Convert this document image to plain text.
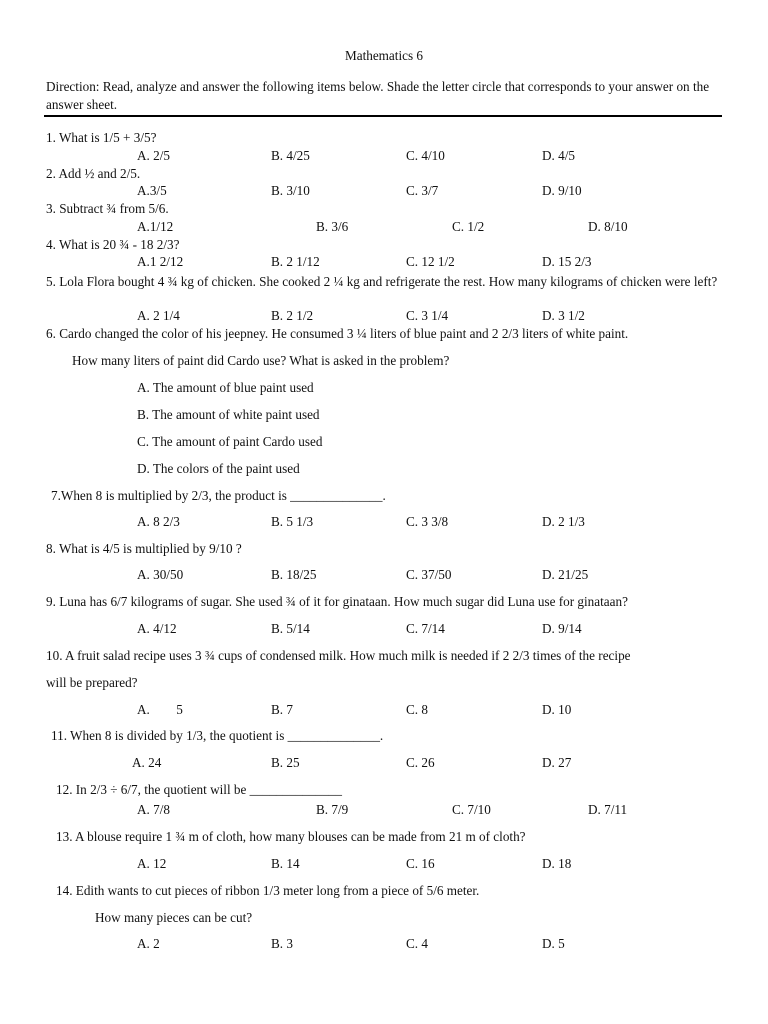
Mathematics 6
Direction: Read, analyze and answer the following items below. Shade the letter circle that corresponds to your answer on the answer sheet.
1. What is 1/5 + 3/5?
A. 2/5	B. 4/25	C. 4/10	D. 4/5
2. Add ½ and 2/5.
A.3/5	B. 3/10	C. 3/7	D. 9/10
3. Subtract ¾ from 5/6.
A.1/12	B. 3/6	C. 1/2	D. 8/10
4. What is 20 ¾ - 18 2/3?
A.1 2/12	B. 2 1/12	C. 12 1/2	D. 15 2/3
5. Lola Flora bought 4 ¾ kg of chicken. She cooked 2 ¼ kg and refrigerate the rest. How many kilograms of chicken were left?
A. 2 1/4	B. 2 1/2	C. 3 1/4	D. 3 1/2
6. Cardo changed the color of his jeepney. He consumed 3 ¼ liters of blue paint and 2 2/3 liters of white paint.
How many liters of paint did Cardo use? What is asked in the problem?
A. The amount of blue paint used
B. The amount of white paint used
C. The amount of paint Cardo used
D. The colors of the paint used
7.When 8 is multiplied by 2/3, the product is ______________.
A. 8 2/3	B. 5 1/3	C. 3 3/8	D. 2 1/3
8. What is 4/5 is multiplied by 9/10 ?
A. 30/50	B. 18/25	C. 37/50	D. 21/25
9. Luna has 6/7 kilograms of sugar. She used ¾ of it for ginataan. How much sugar did Luna use for ginataan?
A. 4/12	B. 5/14	C. 7/14	D. 9/14
10. A fruit salad recipe uses 3 ¾ cups of condensed milk. How much milk is needed if 2 2/3 times of the recipe
will be prepared?
A.        5	B. 7	C. 8	D. 10
11. When 8 is divided by 1/3, the quotient is ______________.
A. 24	B. 25	C. 26	D. 27
12. In 2/3 ÷ 6/7, the quotient will be ______________
A. 7/8	B. 7/9	C. 7/10	D. 7/11
13. A blouse require 1 ¾ m of cloth, how many blouses can be made from 21 m of cloth?
A. 12	B. 14	C. 16	D. 18
14. Edith wants to cut pieces of ribbon 1/3 meter long from a piece of 5/6 meter.
How many pieces can be cut?
A. 2	B. 3	C. 4	D. 5
